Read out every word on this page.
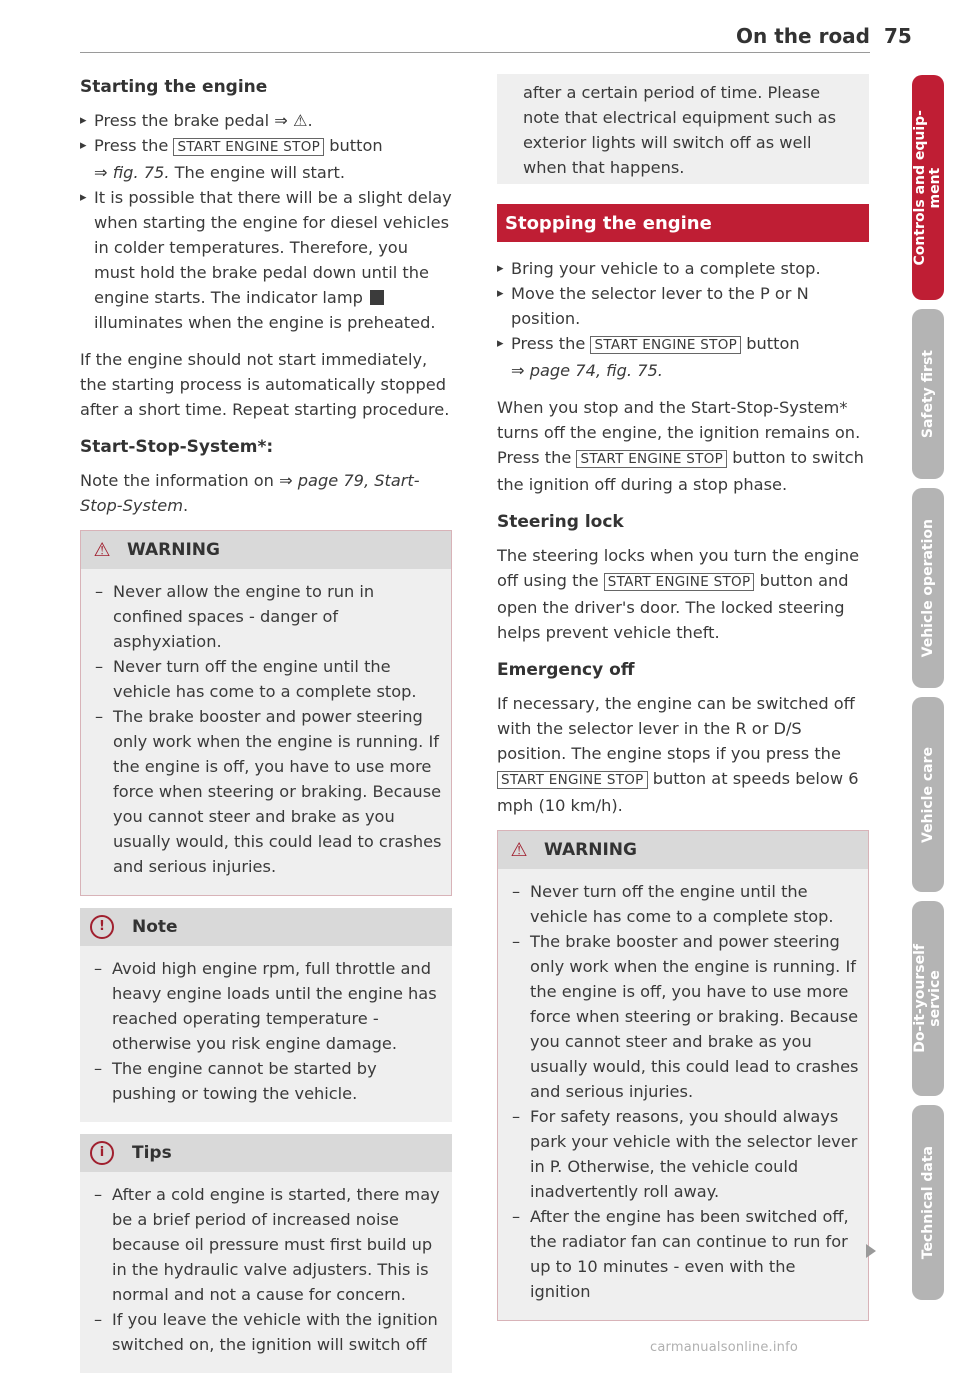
On the road 75
Starting the engine
▸ Press the brake pedal ⇒ ⚠.
▸ Press the START ENGINE STOP button
⇒ fig. 75. The engine will start.
▸ It is possible that there will be a slight delay when starting the engine for diesel vehicles in colder temperatures. Therefore, you must hold the brake pedal down until the engine starts. The indicator lamp  illuminates when the engine is preheated.

If the engine should not start immediately, the starting process is automatically stopped after a short time. Repeat starting procedure.

Start-Stop-System*:

Note the information on ⇒ page 79, Start-Stop-System.

⚠ WARNING
– Never allow the engine to run in confined spaces - danger of asphyxiation.
– Never turn off the engine until the vehicle has come to a complete stop.
– The brake booster and power steering only work when the engine is running. If the engine is off, you have to use more force when steering or braking. Because you cannot steer and brake as you usually would, this could lead to crashes and serious injuries.
!	Note
– Avoid high engine rpm, full throttle and heavy engine loads until the engine has reached operating temperature - otherwise you risk engine damage.
– The engine cannot be started by pushing or towing the vehicle.
i	Tips
– After a cold engine is started, there may be a brief period of increased noise because oil pressure must first build up in the hydraulic valve adjusters. This is normal and not a cause for concern.
– If you leave the vehicle with the ignition switched on, the ignition will switch off

after a certain period of time. Please note that electrical equipment such as exterior lights will switch off as well when that happens.

Stopping the engine
▸ Bring your vehicle to a complete stop.
▸ Move the selector lever to the P or N position.
▸ Press the START ENGINE STOP button
⇒ page 74, fig. 75.

When you stop and the Start-Stop-System* turns off the engine, the ignition remains on. Press the START ENGINE STOP button to switch the ignition off during a stop phase.

Steering lock

The steering locks when you turn the engine off using the START ENGINE STOP button and open the driver's door. The locked steering helps prevent vehicle theft.

Emergency off

If necessary, the engine can be switched off with the selector lever in the R or D/S position. The engine stops if you press the START ENGINE STOP button at speeds below 6 mph (10 km/h).

⚠ WARNING
– Never turn off the engine until the vehicle has come to a complete stop.
– The brake booster and power steering only work when the engine is running. If the engine is off, you have to use more force when steering or braking. Because you cannot steer and brake as you usually would, this could lead to crashes and serious injuries.
– For safety reasons, you should always park your vehicle with the selector lever in P. Otherwise, the vehicle could inadvertently roll away.
– After the engine has been switched off, the radiator fan can continue to run for up to 10 minutes - even with the ignition
Controls and equip-
ment
Safety first
Vehicle operation
Vehicle care
Do-it-yourself
service
Technical data
carmanualsonline.info
